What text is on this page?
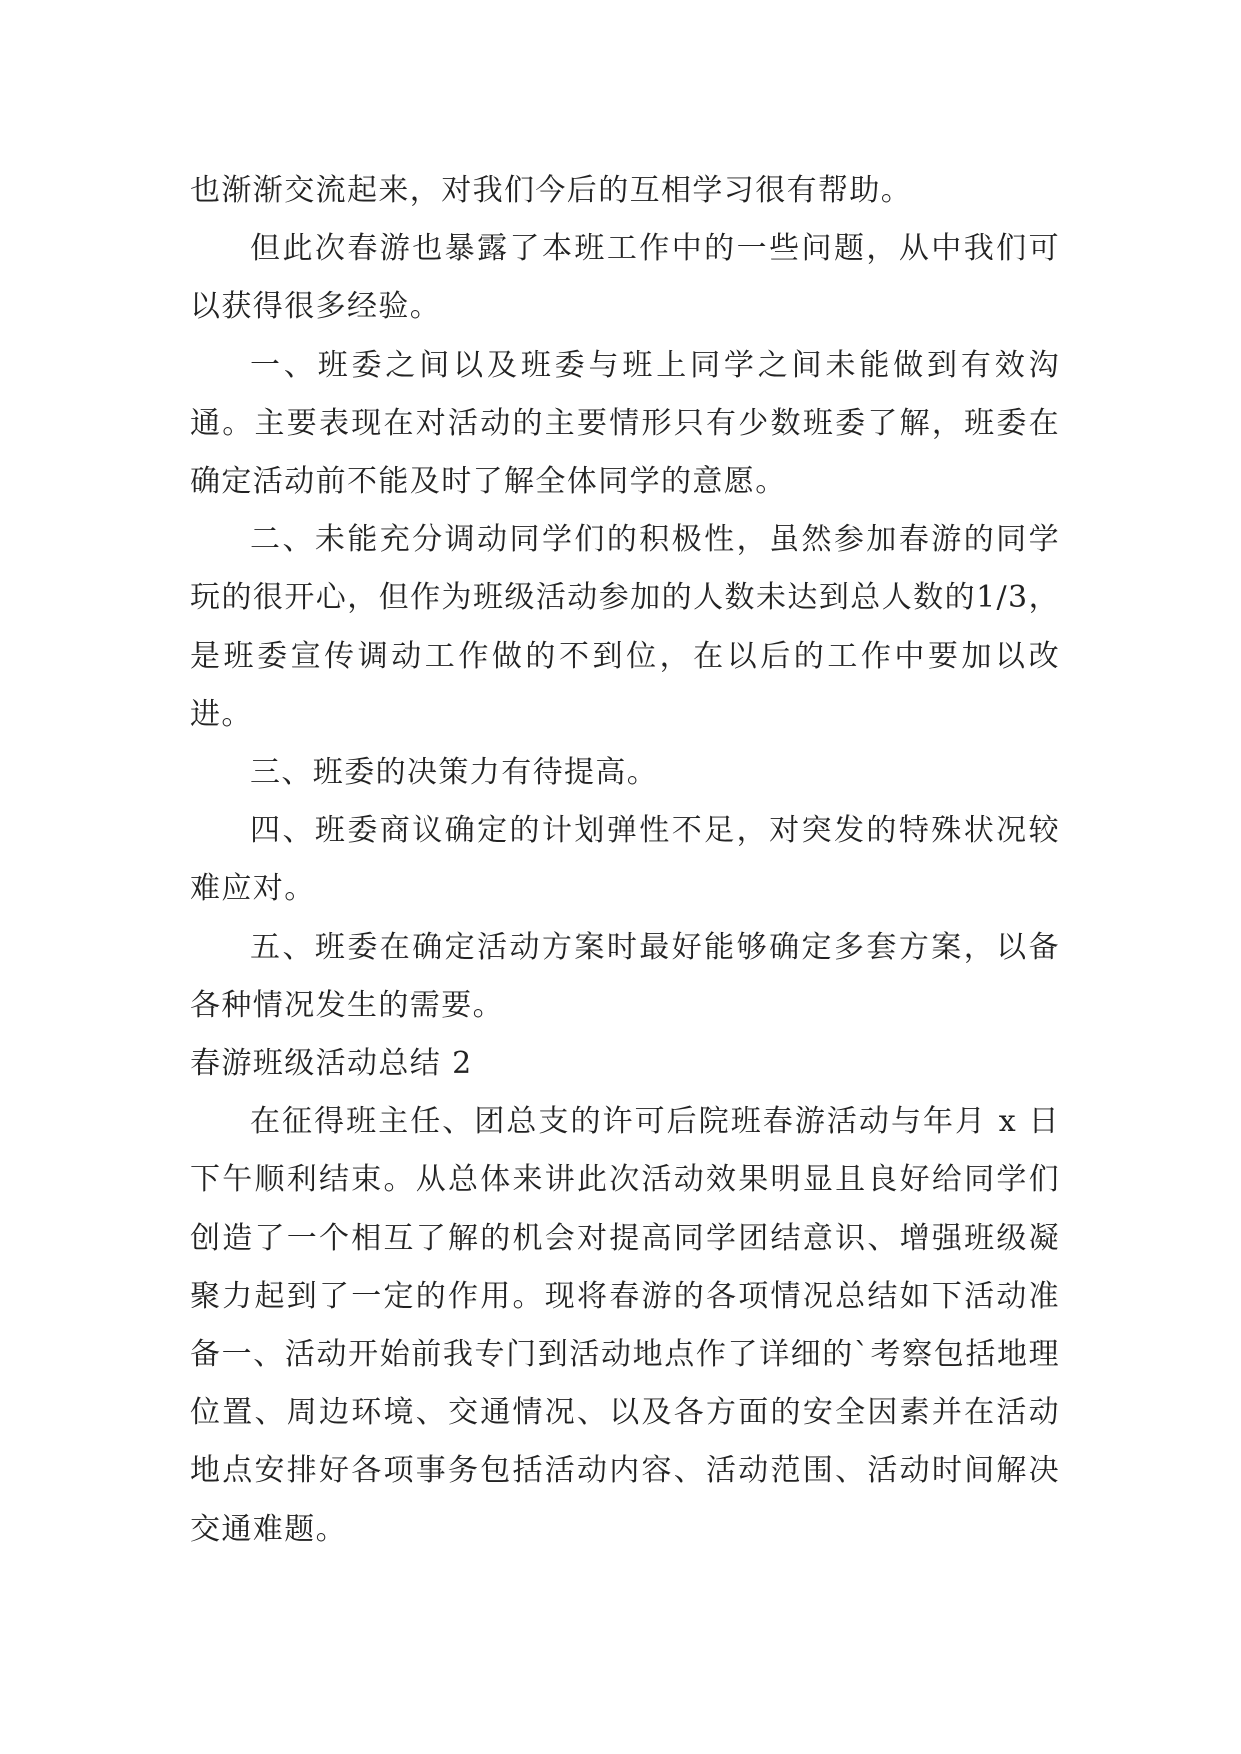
也渐渐交流起来，对我们今后的互相学习很有帮助。

但此次春游也暴露了本班工作中的一些问题，从中我们可以获得很多经验。

一、班委之间以及班委与班上同学之间未能做到有效沟通。主要表现在对活动的主要情形只有少数班委了解，班委在确定活动前不能及时了解全体同学的意愿。

二、未能充分调动同学们的积极性，虽然参加春游的同学玩的很开心，但作为班级活动参加的人数未达到总人数的1/3，是班委宣传调动工作做的不到位，在以后的工作中要加以改进。

三、班委的决策力有待提高。

四、班委商议确定的计划弹性不足，对突发的特殊状况较难应对。

五、班委在确定活动方案时最好能够确定多套方案，以备各种情况发生的需要。

春游班级活动总结 2

在征得班主任、团总支的许可后院班春游活动与年月 x 日下午顺利结束。从总体来讲此次活动效果明显且良好给同学们创造了一个相互了解的机会对提高同学团结意识、增强班级凝聚力起到了一定的作用。现将春游的各项情况总结如下活动准备一、活动开始前我专门到活动地点作了详细的`考察包括地理位置、周边环境、交通情况、以及各方面的安全因素并在活动地点安排好各项事务包括活动内容、活动范围、活动时间解决交通难题。
